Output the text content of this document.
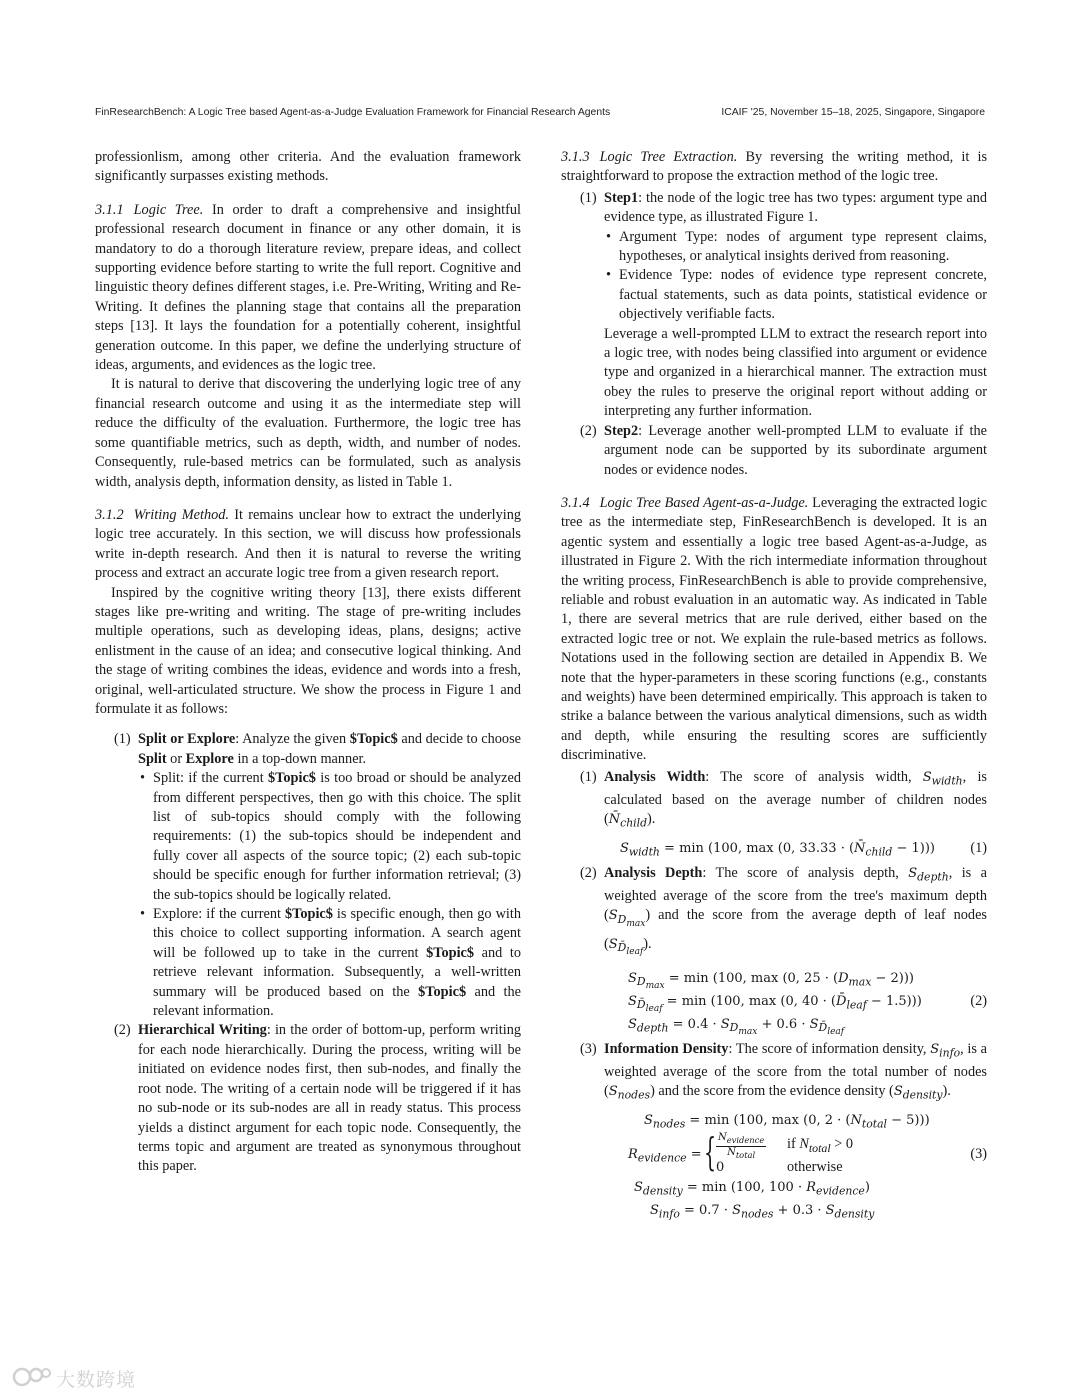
FinResearchBench: A Logic Tree based Agent-as-a-Judge Evaluation Framework for Financial Research Agents	ICAIF '25, November 15–18, 2025, Singapore, Singapore

professionlism, among other criteria. And the evaluation framework significantly surpasses existing methods.

3.1.1 Logic Tree. In order to draft a comprehensive and insightful professional research document in finance or any other domain, it is mandatory to do a thorough literature review, prepare ideas, and collect supporting evidence before starting to write the full report. Cognitive and linguistic theory defines different stages, i.e. Pre-Writing, Writing and Re-Writing. It defines the planning stage that contains all the preparation steps [13]. It lays the foundation for a potentially coherent, insightful generation outcome. In this paper, we define the underlying structure of ideas, arguments, and evidences as the logic tree.

It is natural to derive that discovering the underlying logic tree of any financial research outcome and using it as the intermediate step will reduce the difficulty of the evaluation. Furthermore, the logic tree has some quantifiable metrics, such as depth, width, and number of nodes. Consequently, rule-based metrics can be formulated, such as analysis width, analysis depth, information density, as listed in Table 1.

3.1.2 Writing Method. It remains unclear how to extract the underlying logic tree accurately. In this section, we will discuss how professionals write in-depth research. And then it is natural to reverse the writing process and extract an accurate logic tree from a given research report.

Inspired by the cognitive writing theory [13], there exists different stages like pre-writing and writing. The stage of pre-writing includes multiple operations, such as developing ideas, plans, designs; active enlistment in the cause of an idea; and consecutive logical thinking. And the stage of writing combines the ideas, evidence and words into a fresh, original, well-articulated structure. We show the process in Figure 1 and formulate it as follows:

(1) Split or Explore: Analyze the given $Topic$ and decide to choose Split or Explore in a top-down manner.
• Split: if the current $Topic$ is too broad or should be analyzed from different perspectives, then go with this choice. The split list of sub-topics should comply with the following requirements: (1) the sub-topics should be independent and fully cover all aspects of the source topic; (2) each sub-topic should be specific enough for further information retrieval; (3) the sub-topics should be logically related.
• Explore: if the current $Topic$ is specific enough, then go with this choice to collect supporting information. A search agent will be followed up to take in the current $Topic$ and to retrieve relevant information. Subsequently, a well-written summary will be produced based on the $Topic$ and the relevant information.
(2) Hierarchical Writing: in the order of bottom-up, perform writing for each node hierarchically. During the process, writing will be initiated on evidence nodes first, then sub-nodes, and finally the root node. The writing of a certain node will be triggered if it has no sub-node or its sub-nodes are all in ready status. This process yields a distinct argument for each topic node. Consequently, the terms topic and argument are treated as synonymous throughout this paper.

3.1.3 Logic Tree Extraction. By reversing the writing method, it is straightforward to propose the extraction method of the logic tree.

(1) Step1: the node of the logic tree has two types: argument type and evidence type, as illustrated Figure 1.
• Argument Type: nodes of argument type represent claims, hypotheses, or analytical insights derived from reasoning.
• Evidence Type: nodes of evidence type represent concrete, factual statements, such as data points, statistical evidence or objectively verifiable facts.

Leverage a well-prompted LLM to extract the research report into a logic tree, with nodes being classified into argument or evidence type and organized in a hierarchical manner. The extraction must obey the rules to preserve the original report without adding or interpreting any further information.

(2) Step2: Leverage another well-prompted LLM to evaluate if the argument node can be supported by its subordinate argument nodes or evidence nodes.

3.1.4 Logic Tree Based Agent-as-a-Judge. Leveraging the extracted logic tree as the intermediate step, FinResearchBench is developed. It is an agentic system and essentially a logic tree based Agent-as-a-Judge, as illustrated in Figure 2. With the rich intermediate information throughout the writing process, FinResearchBench is able to provide comprehensive, reliable and robust evaluation in an automatic way. As indicated in Table 1, there are several metrics that are rule derived, either based on the extracted logic tree or not. We explain the rule-based metrics as follows. Notations used in the following section are detailed in Appendix B. We note that the hyper-parameters in these scoring functions (e.g., constants and weights) have been determined empirically. This approach is taken to strike a balance between the various analytical dimensions, such as width and depth, while ensuring the resulting scores are sufficiently discriminative.

(1) Analysis Width: The score of analysis width, $S_{width}$, is calculated based on the average number of children nodes $(N̄_{child})$.
$S_{width} = \min (100$, max (0, $33.33 \cdot (N̄_{child} - 1)$))	(1)
(2) Analysis Depth: The score of analysis depth, $S_{depth}$, is a weighted average of the score from the tree's maximum depth $(S_{D_{max}})$ and the score from the average depth of leaf nodes $(S_{D̄_{leaf}})$.
$S_{D_{max}} = \min (100$, max (0, $25 \cdot (D_{max} - 2)$))
$S_{D̄_{leaf}} = \min (100$, max (0, $40 \cdot (D̄_{leaf} - 1.5)$))
$S_{depth} = 0.4 \cdot S_{D_{max}} + 0.6 \cdot S_{D̄_{leaf}}$
(2)
(3) Information Density: The score of information density, $S_{info}$, is a weighted average of the score from the total number of nodes $(S_{nodes})$ and the score from the evidence density $(S_{density})$.
$S_{nodes} = \min (100$, max (0, $2 \cdot (N_{total} - 5)$))
$R_{evidence}$ = { $N_{evidence}$
$N_{total}$
if $N_{total} > 0$
0	otherwise
$S_{density} = \min (100$, $100 \cdot R_{evidence}$)
$S_{info} = 0.7 \cdot S_{nodes} + 0.3 \cdot S_{density}$
(3)
大数跨境
